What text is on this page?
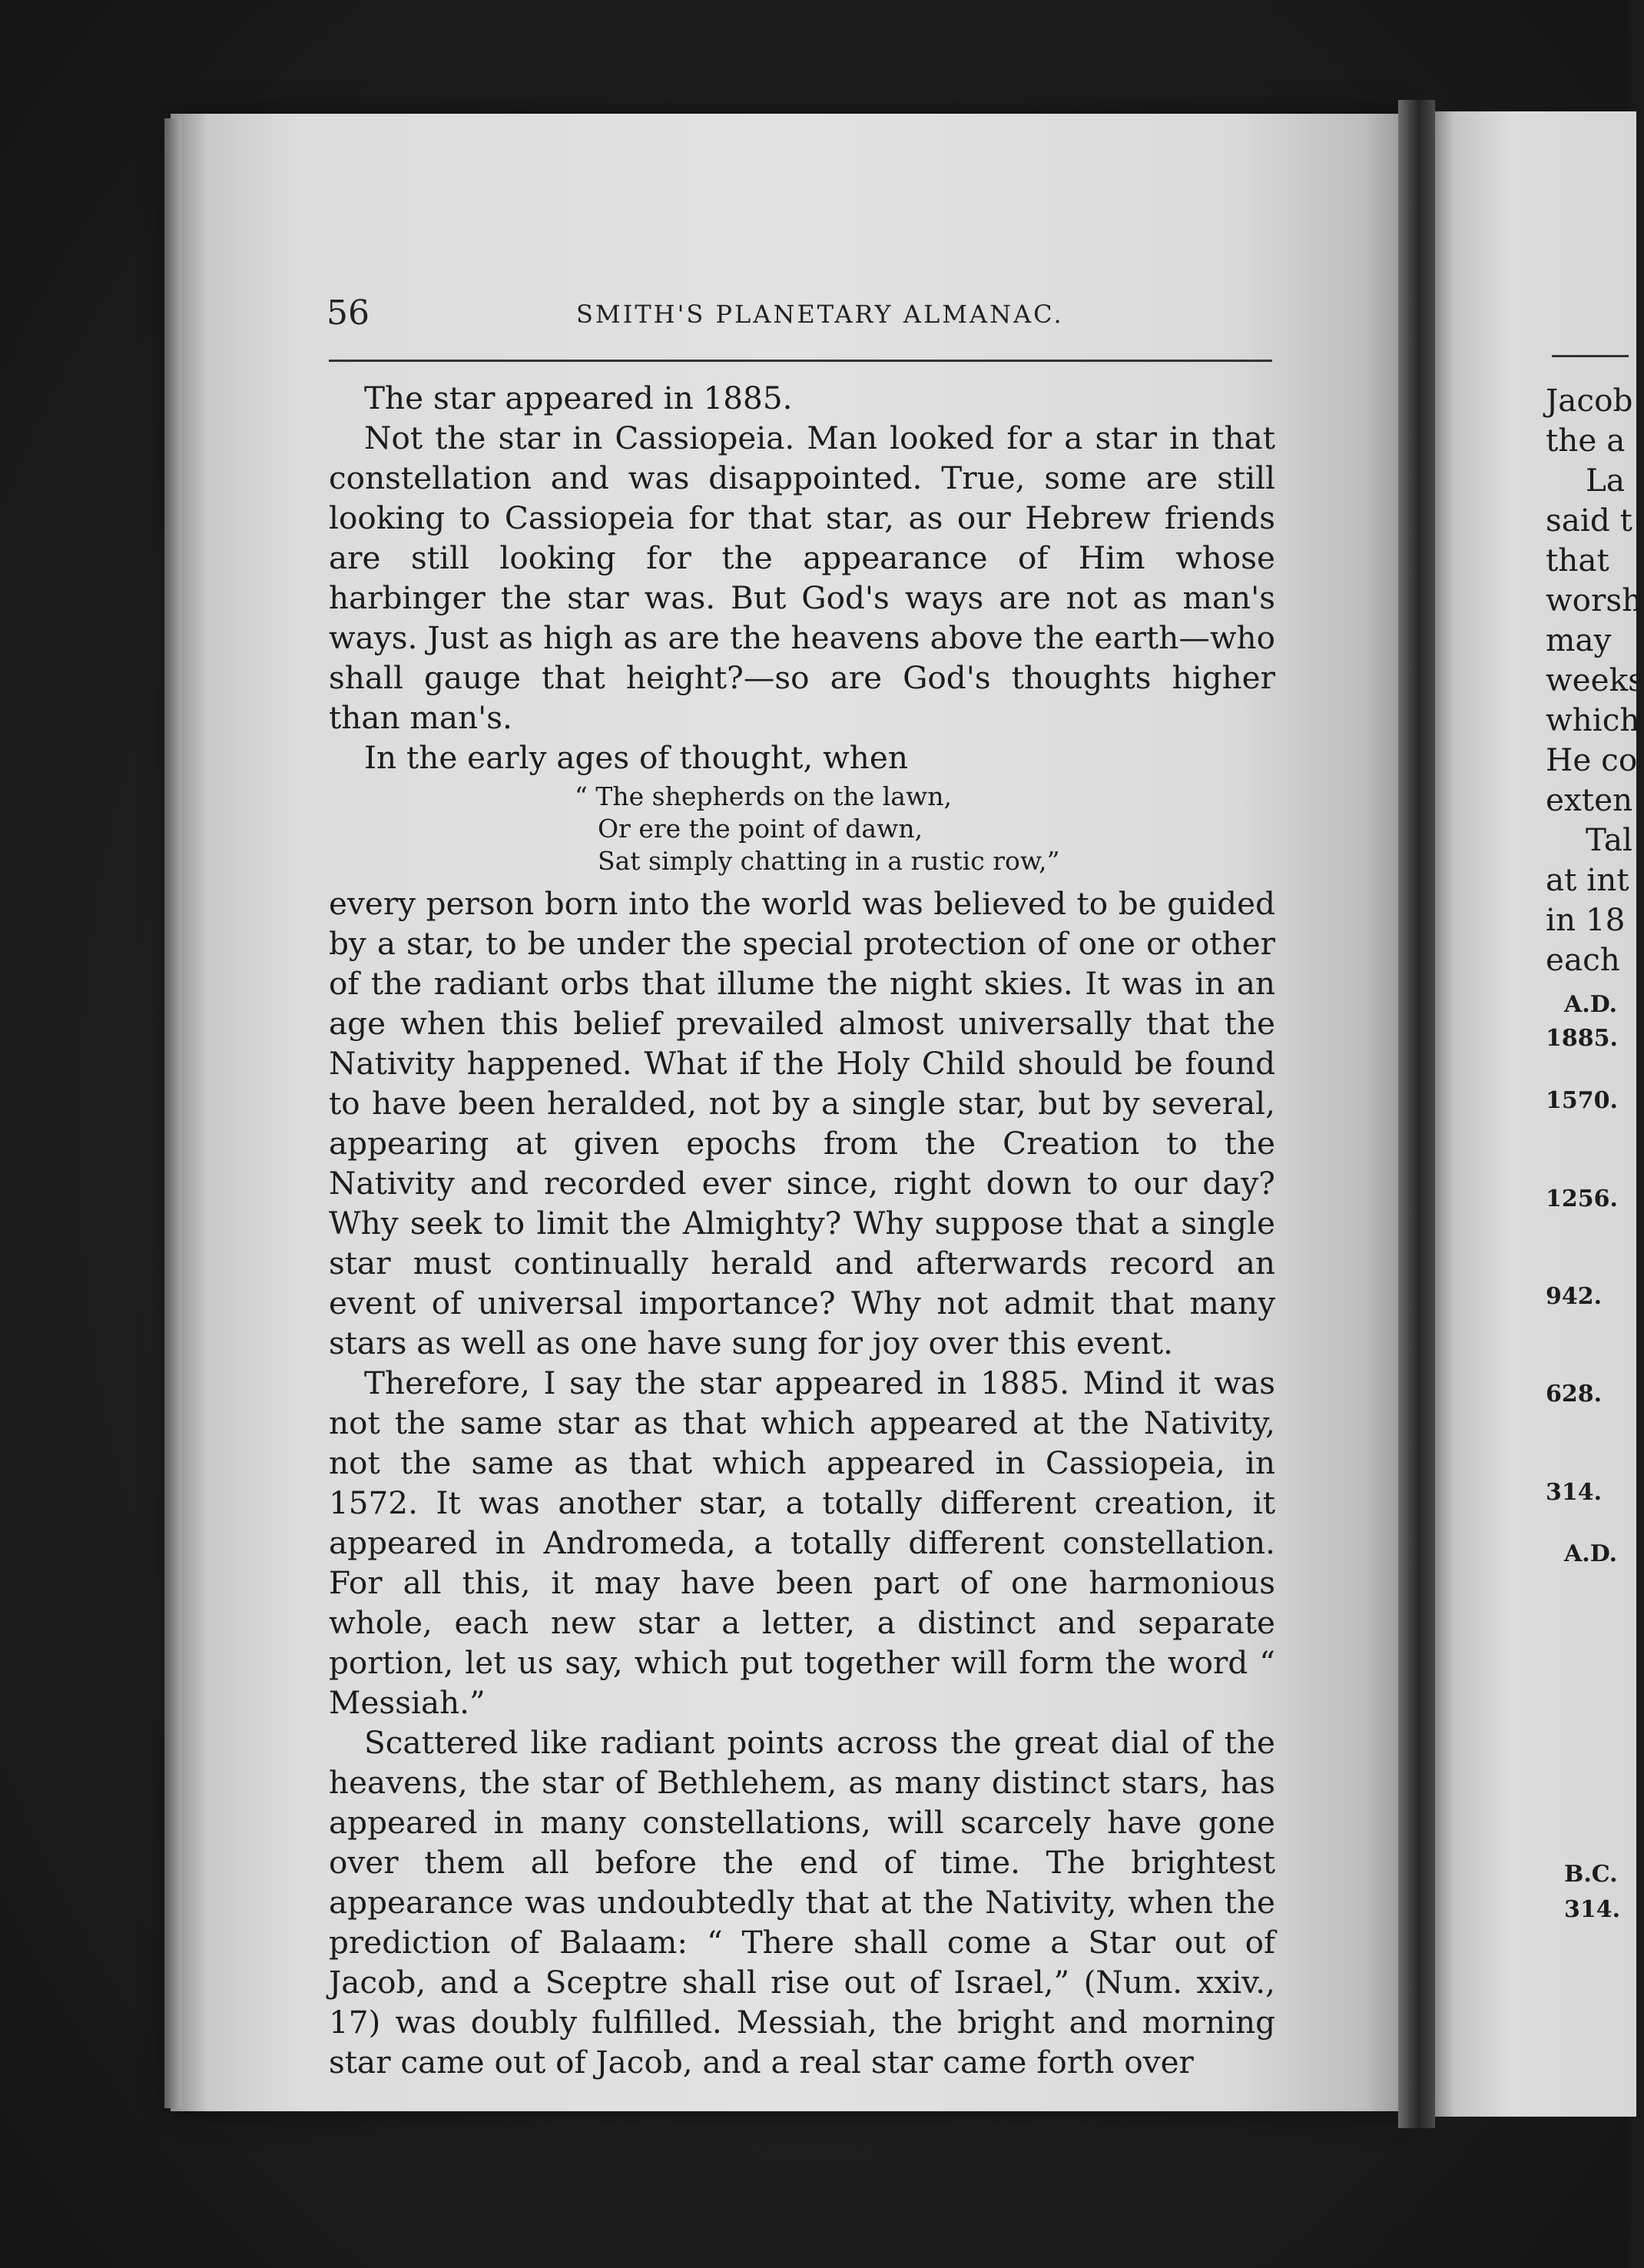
56	SMITH'S PLANETARY ALMANAC.

The star appeared in 1885.

Not the star in Cassiopeia. Man looked for a star in that constellation and was disappointed. True, some are still looking to Cassiopeia for that star, as our Hebrew friends are still looking for the appearance of Him whose harbinger the star was. But God's ways are not as man's ways. Just as high as are the heavens above the earth—who shall gauge that height?—so are God's thoughts higher than man's.

In the early ages of thought, when

“ The shepherds on the lawn,
Or ere the point of dawn,
Sat simply chatting in a rustic row,”

every person born into the world was believed to be guided by a star, to be under the special protection of one or other of the radiant orbs that illume the night skies. It was in an age when this belief prevailed almost universally that the Nativity happened. What if the Holy Child should be found to have been heralded, not by a single star, but by several, appearing at given epochs from the Creation to the Nativity and recorded ever since, right down to our day? Why seek to limit the Almighty? Why suppose that a single star must continually herald and afterwards record an event of universal importance? Why not admit that many stars as well as one have sung for joy over this event.

Therefore, I say the star appeared in 1885. Mind it was not the same star as that which appeared at the Nativity, not the same as that which appeared in Cassiopeia, in 1572. It was another star, a totally different creation, it appeared in Andromeda, a totally different constellation. For all this, it may have been part of one harmonious whole, each new star a letter, a distinct and separate portion, let us say, which put together will form the word “ Messiah.”

Scattered like radiant points across the great dial of the heavens, the star of Bethlehem, as many distinct stars, has appeared in many constellations, will scarcely have gone over them all before the end of time. The brightest appearance was undoubtedly that at the Nativity, when the prediction of Balaam: “ There shall come a Star out of Jacob, and a Sceptre shall rise out of Israel,” (Num. xxiv., 17) was doubly fulfilled. Messiah, the bright and morning star came out of Jacob, and a real star came forth over

Jacob
the a
La
said t
that
worsh
may
weeks
which
He co
exten
Tal
at int
in 18
each
A.D.
1885.
1570.
1256.
942.
628.
314.
A.D.
B.C.
314.
